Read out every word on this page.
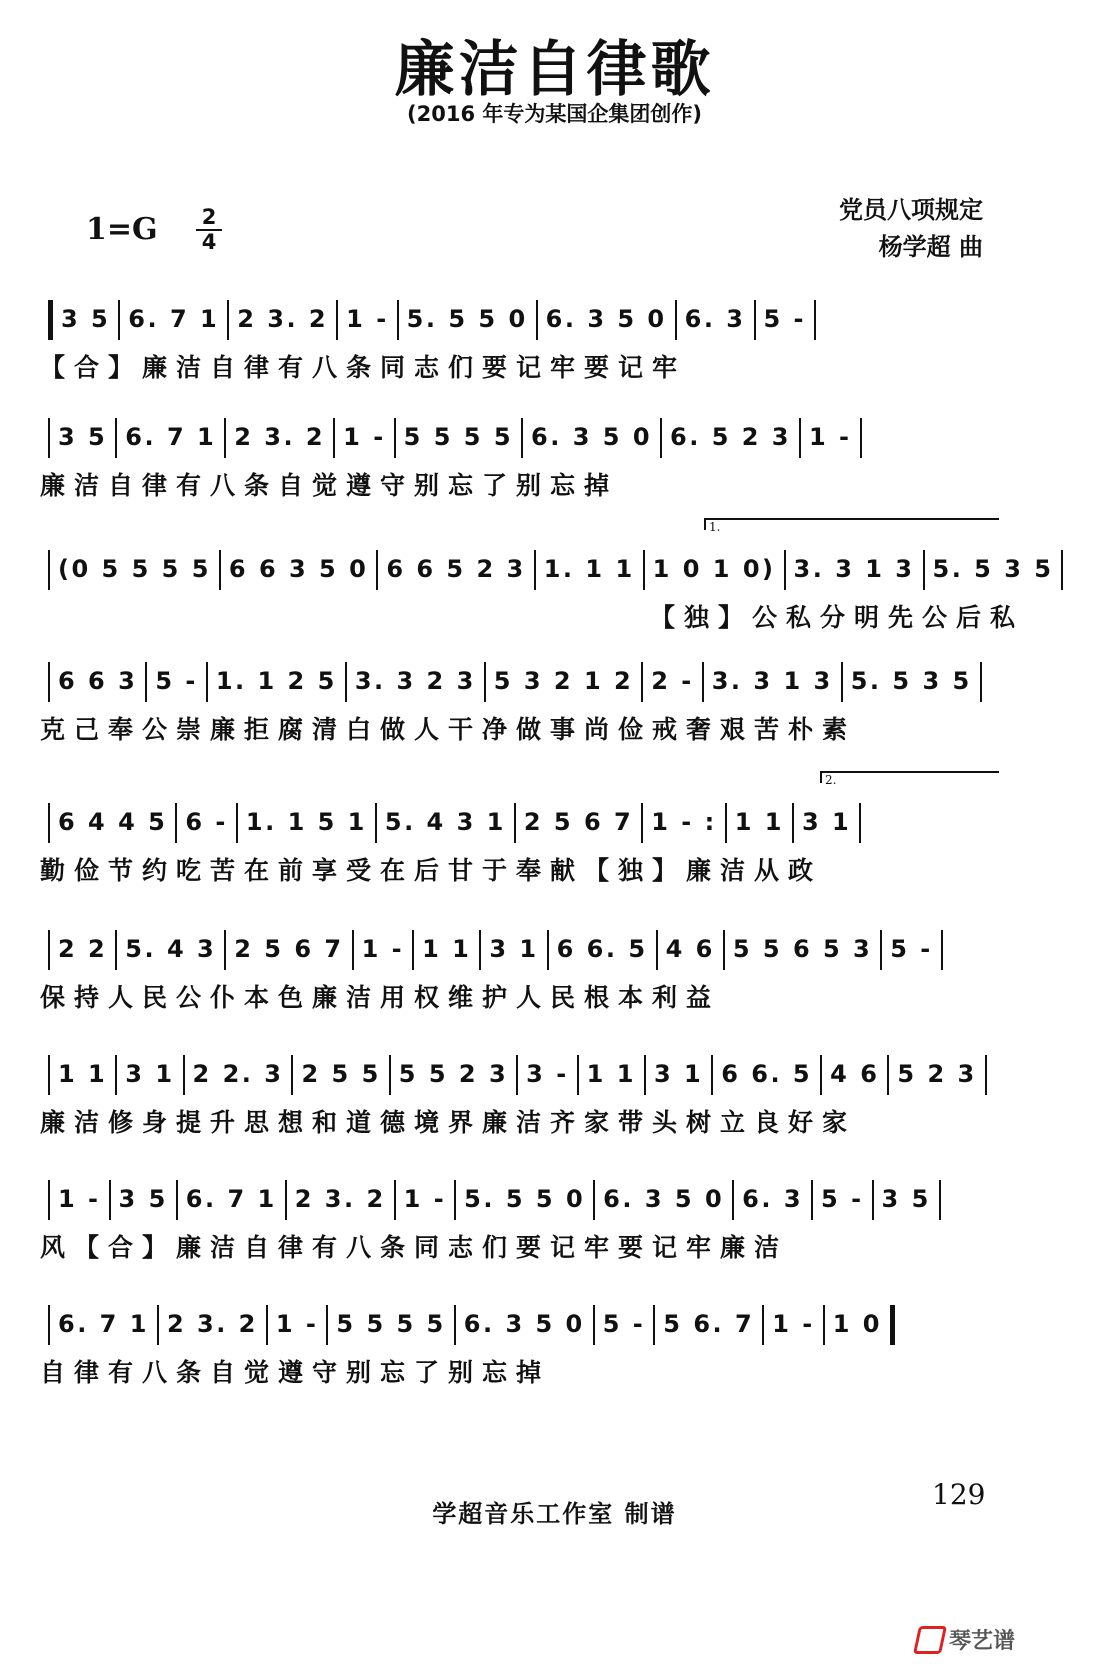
廉洁自律歌
(2016 年专为某国企集团创作)
1=G 2
4
党员八项规定
杨学超 曲
3 5 6. 7 1 2 3. 2 1 - 5. 5 5 0 6. 3 5 0 6. 3 5 -
【合】廉洁自律有八条同志们要记牢要记牢
3 5 6. 7 1 2 3. 2 1 - 5 5 5 5 6. 3 5 0 6. 5 2 3 1 -
廉洁自律有八条自觉遵守别忘了别忘掉
1.
(0 5 5 5 5 6 6 3 5 0 6 6 5 2 3 1. 1 1 1 0 1 0) 3. 3 1 3 5. 5 3 5
【独】公私分明先公后私
6 6 3 5 - 1. 1 2 5 3. 3 2 3 5 3 2 1 2 2 - 3. 3 1 3 5. 5 3 5
克己奉公崇廉拒腐清白做人干净做事尚俭戒奢艰苦朴素
2.
6 4 4 5 6 - 1. 1 5 1 5. 4 3 1 2 5 6 7 1 - : 1 1 3 1
勤俭节约吃苦在前享受在后甘于奉献【独】廉洁从政
2 2 5. 4 3 2 5 6 7 1 - 1 1 3 1 6 6. 5 4 6 5 5 6 5 3 5 -
保持人民公仆本色廉洁用权维护人民根本利益
1 1 3 1 2 2. 3 2 5 5 5 5 2 3 3 - 1 1 3 1 6 6. 5 4 6 5 2 3
廉洁修身提升思想和道德境界廉洁齐家带头树立良好家
1 - 3 5 6. 7 1 2 3. 2 1 - 5. 5 5 0 6. 3 5 0 6. 3 5 - 3 5
风【合】廉洁自律有八条同志们要记牢要记牢廉洁
6. 7 1 2 3. 2 1 - 5 5 5 5 6. 3 5 0 5 - 5 6. 7 1 - 1 0
自律有八条自觉遵守别忘了别忘掉
学超音乐工作室 制谱
129
琴艺谱
